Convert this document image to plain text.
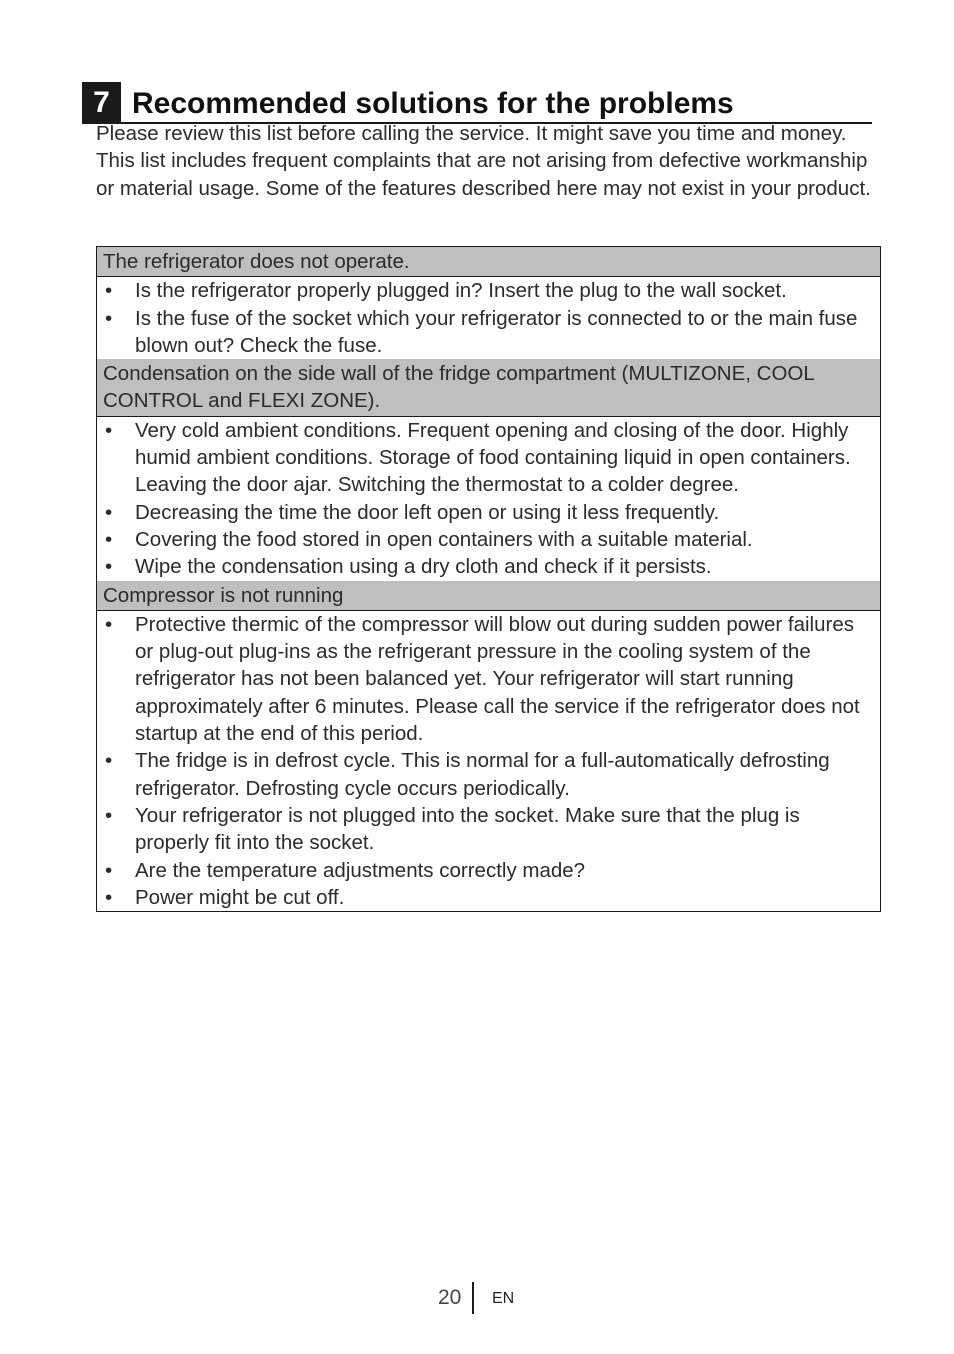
7 Recommended solutions for the problems
Please review this list before calling the service. It might save you time and money. This list includes frequent complaints that are not arising from defective workmanship or material usage. Some of the features described here may not exist in your product.
The refrigerator does not operate.

•	Is the refrigerator properly plugged in? Insert the plug to the wall socket.
•	Is the fuse of the socket which your refrigerator is connected to or the main fuse blown out? Check the fuse.

Condensation on the side wall of the fridge compartment (MULTIZONE, COOL CONTROL and FLEXI ZONE).

•	Very cold ambient conditions. Frequent opening and closing of the door. Highly humid ambient conditions. Storage of food containing liquid in open containers. Leaving the door ajar. Switching the thermostat to a colder degree.
•	Decreasing the time the door left open or using it less frequently.
•	Covering the food stored in open containers with a suitable material.
•	Wipe the condensation using a dry cloth and check if it persists.

Compressor is not running

•	Protective thermic of the compressor will blow out during sudden power failures or plug-out plug-ins as the refrigerant pressure in the cooling system of the refrigerator has not been balanced yet. Your refrigerator will start running approximately after 6 minutes. Please call the service if the refrigerator does not startup at the end of this period.
•	The fridge is in defrost cycle. This is normal for a full-automatically defrosting refrigerator. Defrosting cycle occurs periodically.
•	Your refrigerator is not plugged into the socket. Make sure that the plug is properly fit into the socket.
•	Are the temperature adjustments correctly made?
•	Power might be cut off.
20 EN
